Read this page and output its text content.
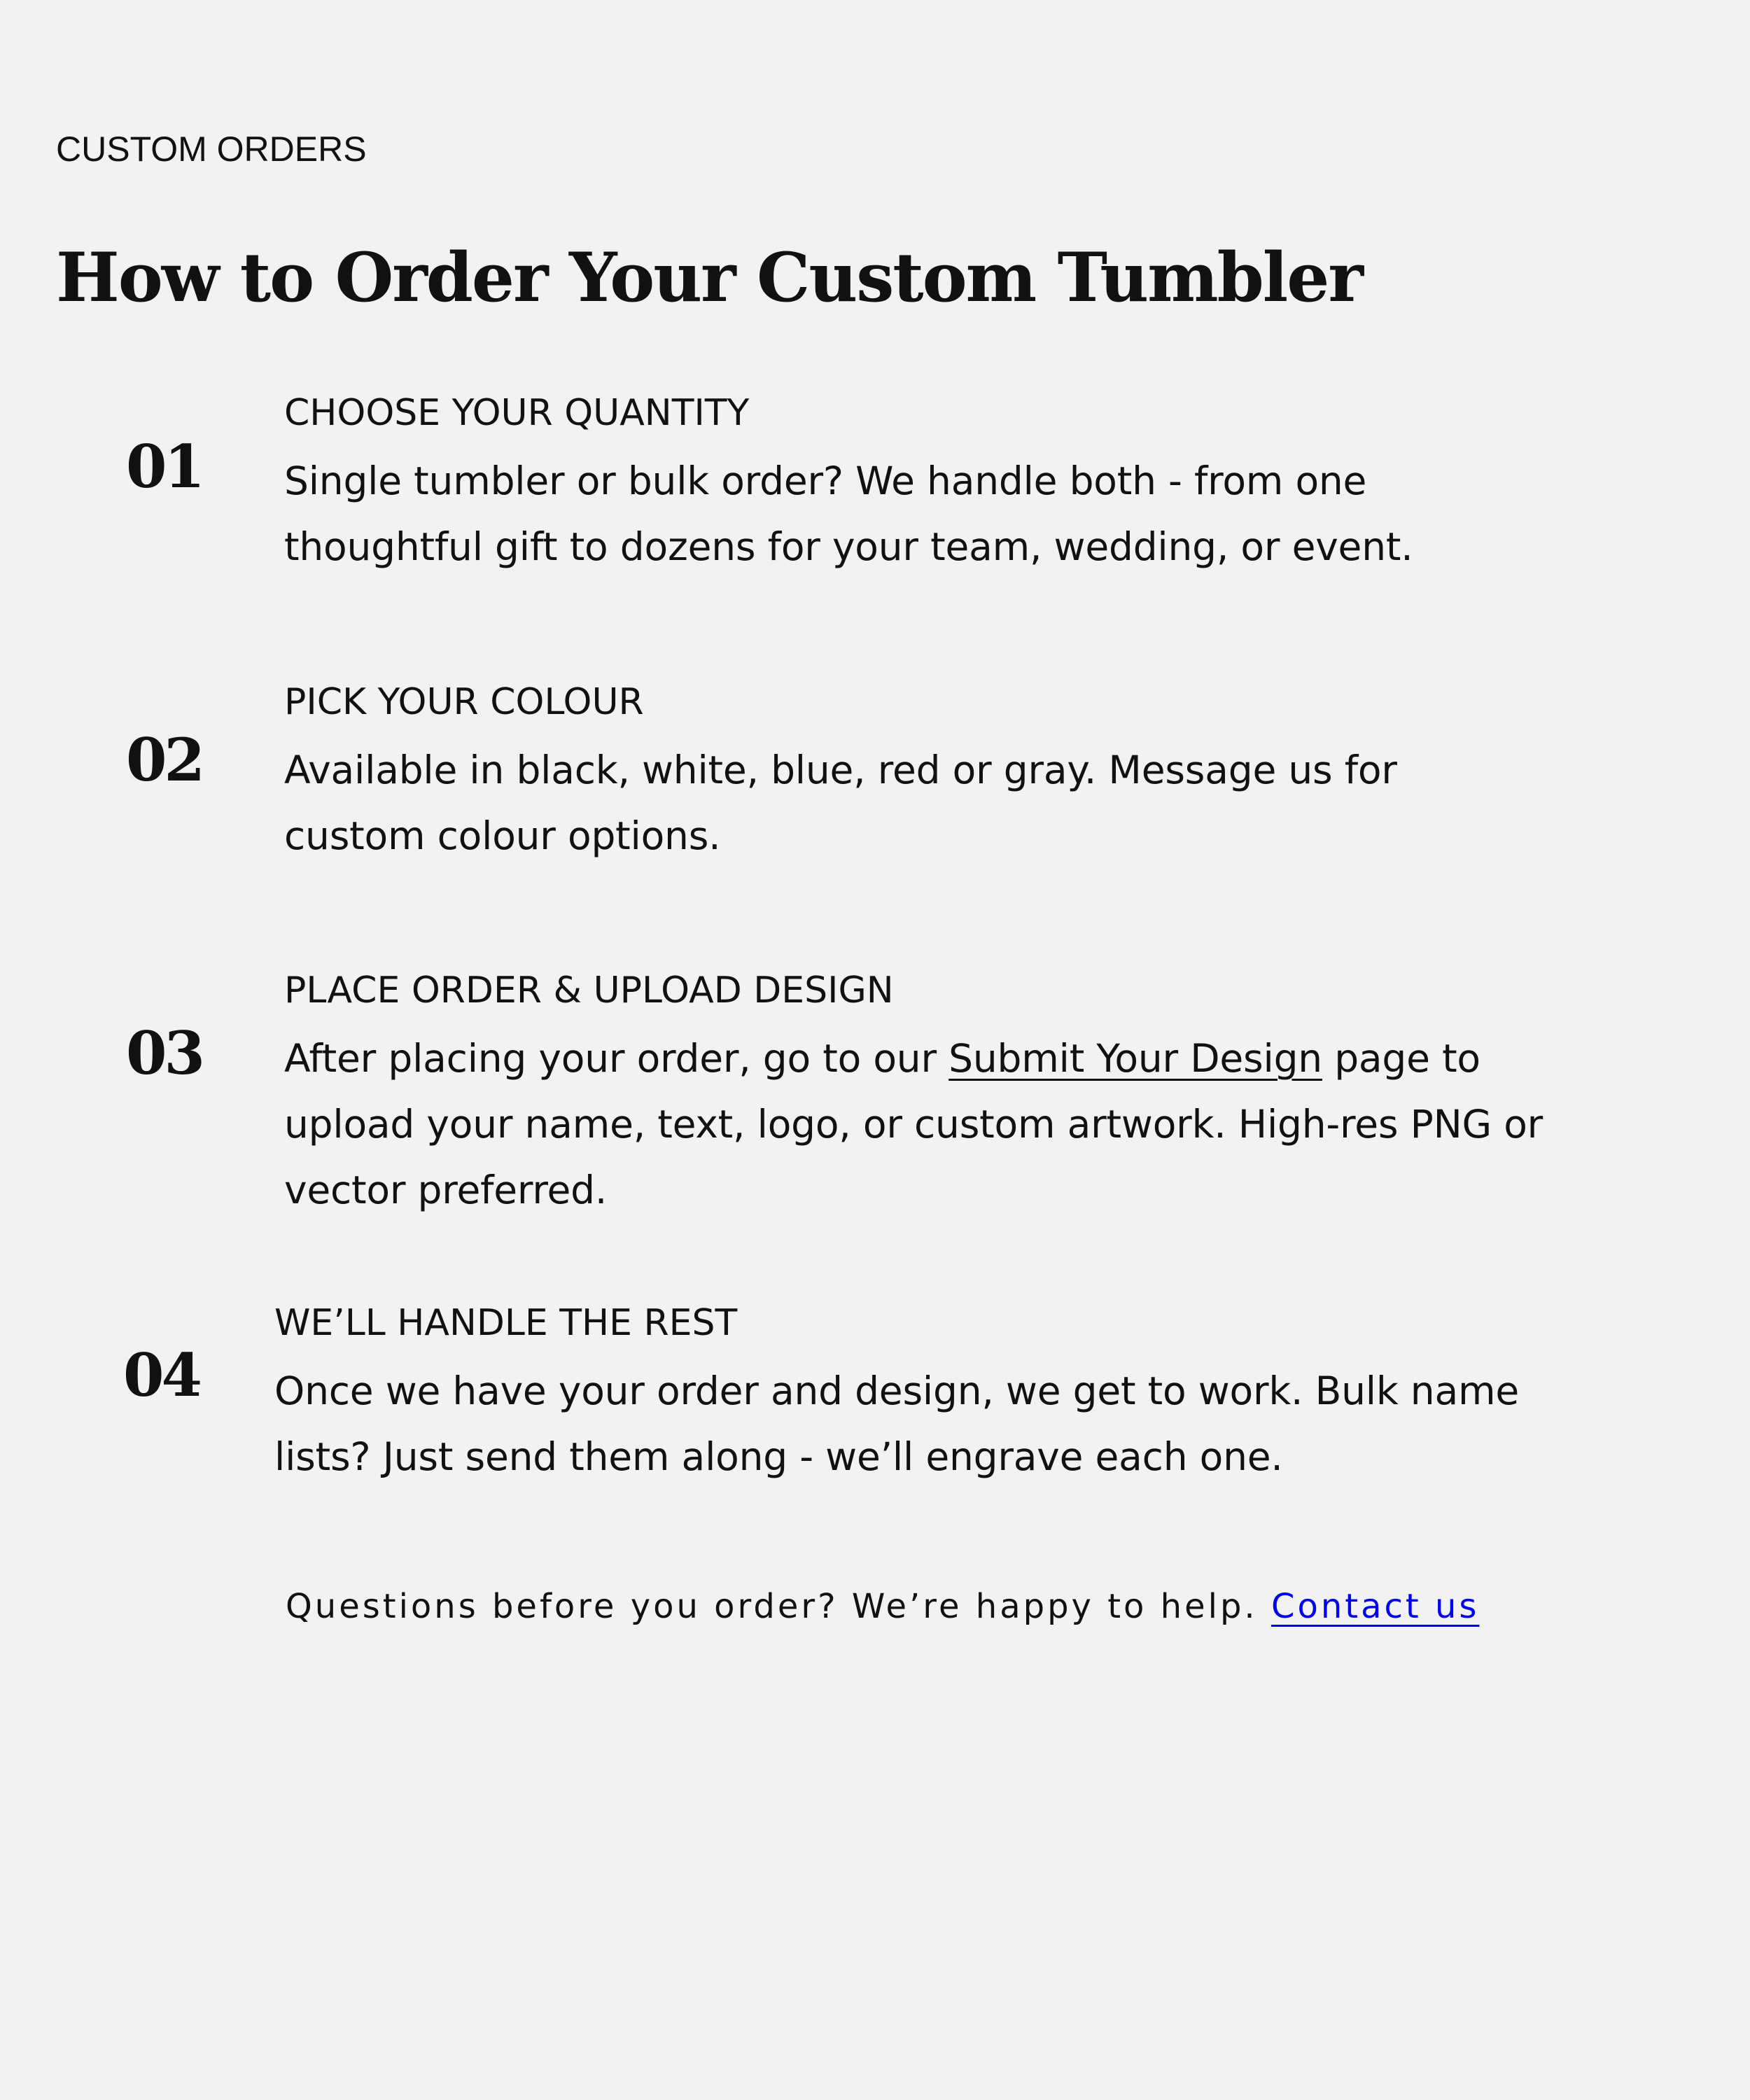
CUSTOM ORDERS
How to Order Your Custom Tumbler
01
CHOOSE YOUR QUANTITY

Single tumbler or bulk order? We handle both - from one thoughtful gift to dozens for your team, wedding, or event.

02
PICK YOUR COLOUR

Available in black, white, blue, red or gray. Message us for custom colour options.

03
PLACE ORDER & UPLOAD DESIGN

After placing your order, go to our Submit Your Design page to upload your name, text, logo, or custom artwork. High-res PNG or vector preferred.

04
WE’LL HANDLE THE REST

Once we have your order and design, we get to work. Bulk name lists? Just send them along - we’ll engrave each one.

Questions before you order? We’re happy to help. Contact us
